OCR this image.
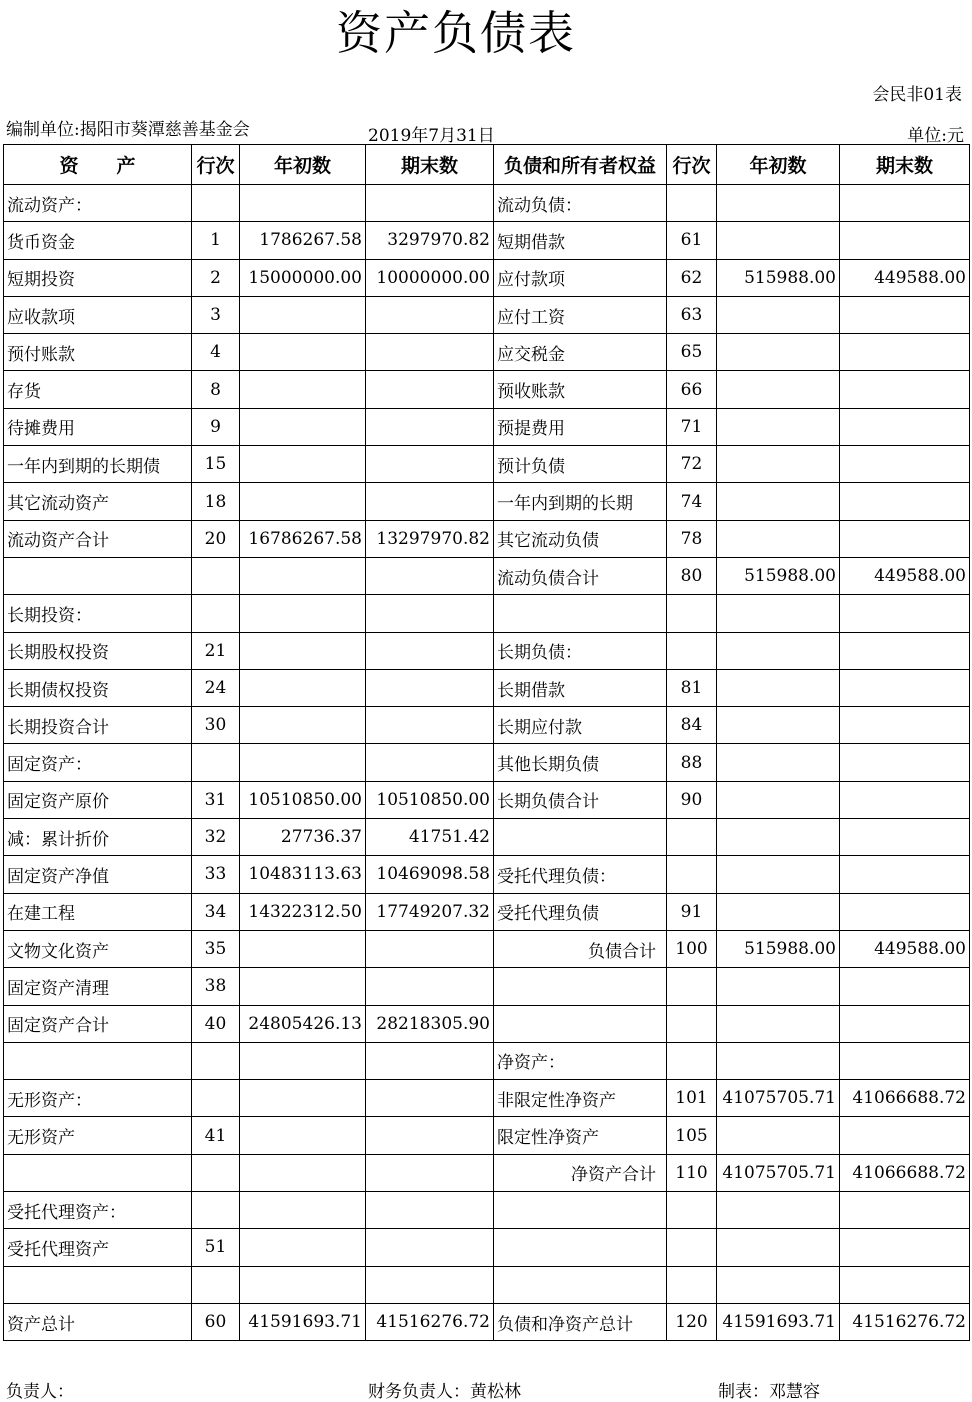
资产负债表
会民非01表
编制单位:揭阳市葵潭慈善基金会	2019年7月31日	单位:元
资　　产	行次	年初数	期末数	负债和所有者权益	行次	年初数	期末数
流动资产：				流动负债：			
货币资金	1	1786267.58	3297970.82	短期借款	61		
短期投资	2	15000000.00	10000000.00	应付款项	62	515988.00	449588.00
应收款项	3			应付工资	63		
预付账款	4			应交税金	65		
存货	8			预收账款	66		
待摊费用	9			预提费用	71		
一年内到期的长期债	15			预计负债	72		
其它流动资产	18			一年内到期的长期	74		
流动资产合计	20	16786267.58	13297970.82	其它流动负债	78		
				流动负债合计	80	515988.00	449588.00
长期投资：							
长期股权投资	21			长期负债：			
长期债权投资	24			长期借款	81		
长期投资合计	30			长期应付款	84		
固定资产：				其他长期负债	88		
固定资产原价	31	10510850.00	10510850.00	长期负债合计	90		
减：累计折价	32	27736.37	41751.42				
固定资产净值	33	10483113.63	10469098.58	受托代理负债：			
在建工程	34	14322312.50	17749207.32	受托代理负债	91		
文物文化资产	35			负债合计	100	515988.00	449588.00
固定资产清理	38						
固定资产合计	40	24805426.13	28218305.90				
				净资产：			
无形资产：				非限定性净资产	101	41075705.71	41066688.72
无形资产	41			限定性净资产	105		
				净资产合计	110	41075705.71	41066688.72
受托代理资产：							
受托代理资产	51						

资产总计	60	41591693.71	41516276.72	负债和净资产总计	120	41591693.71	41516276.72
负责人：	财务负责人：黄松林	制表：邓慧容
